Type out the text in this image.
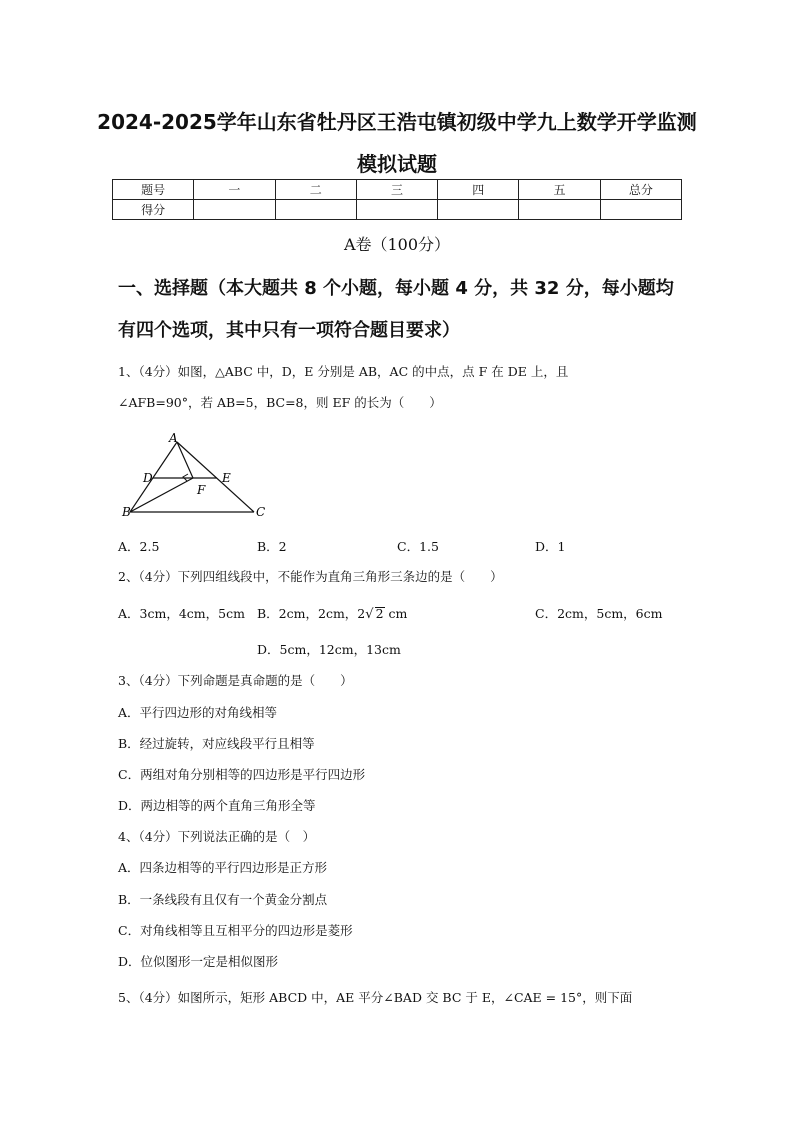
2024-2025学年山东省牡丹区王浩屯镇初级中学九上数学开学监测
模拟试题
题号	一	二	三	四	五	总分
得分						
A卷（100分）
一、选择题（本大题共 8 个小题，每小题 4 分，共 32 分，每小题均
有四个选项，其中只有一项符合题目要求）
1、（4分）如图，△ABC 中，D，E 分别是 AB，AC 的中点，点 F 在 DE 上，且
∠AFB=90°，若 AB=5，BC=8，则 EF 的长为（　　）
A
D	E
F
B	C
A．2.5	B．2	C．1.5	D．1
2、（4分）下列四组线段中，不能作为直角三角形三条边的是（　　）
A．3cm，4cm，5cm B．2cm，2cm，2√ 2 cm	C．2cm，5cm，6cm
D．5cm，12cm，13cm
3、（4分）下列命题是真命题的是（　　）
A．平行四边形的对角线相等
B．经过旋转，对应线段平行且相等
C．两组对角分别相等的四边形是平行四边形
D．两边相等的两个直角三角形全等
4、（4分）下列说法正确的是（　）
A．四条边相等的平行四边形是正方形
B．一条线段有且仅有一个黄金分割点
C．对角线相等且互相平分的四边形是菱形
D．位似图形一定是相似图形
5、（4分）如图所示，矩形 ABCD 中，AE 平分∠BAD 交 BC 于 E，∠CAE = 15°，则下面
